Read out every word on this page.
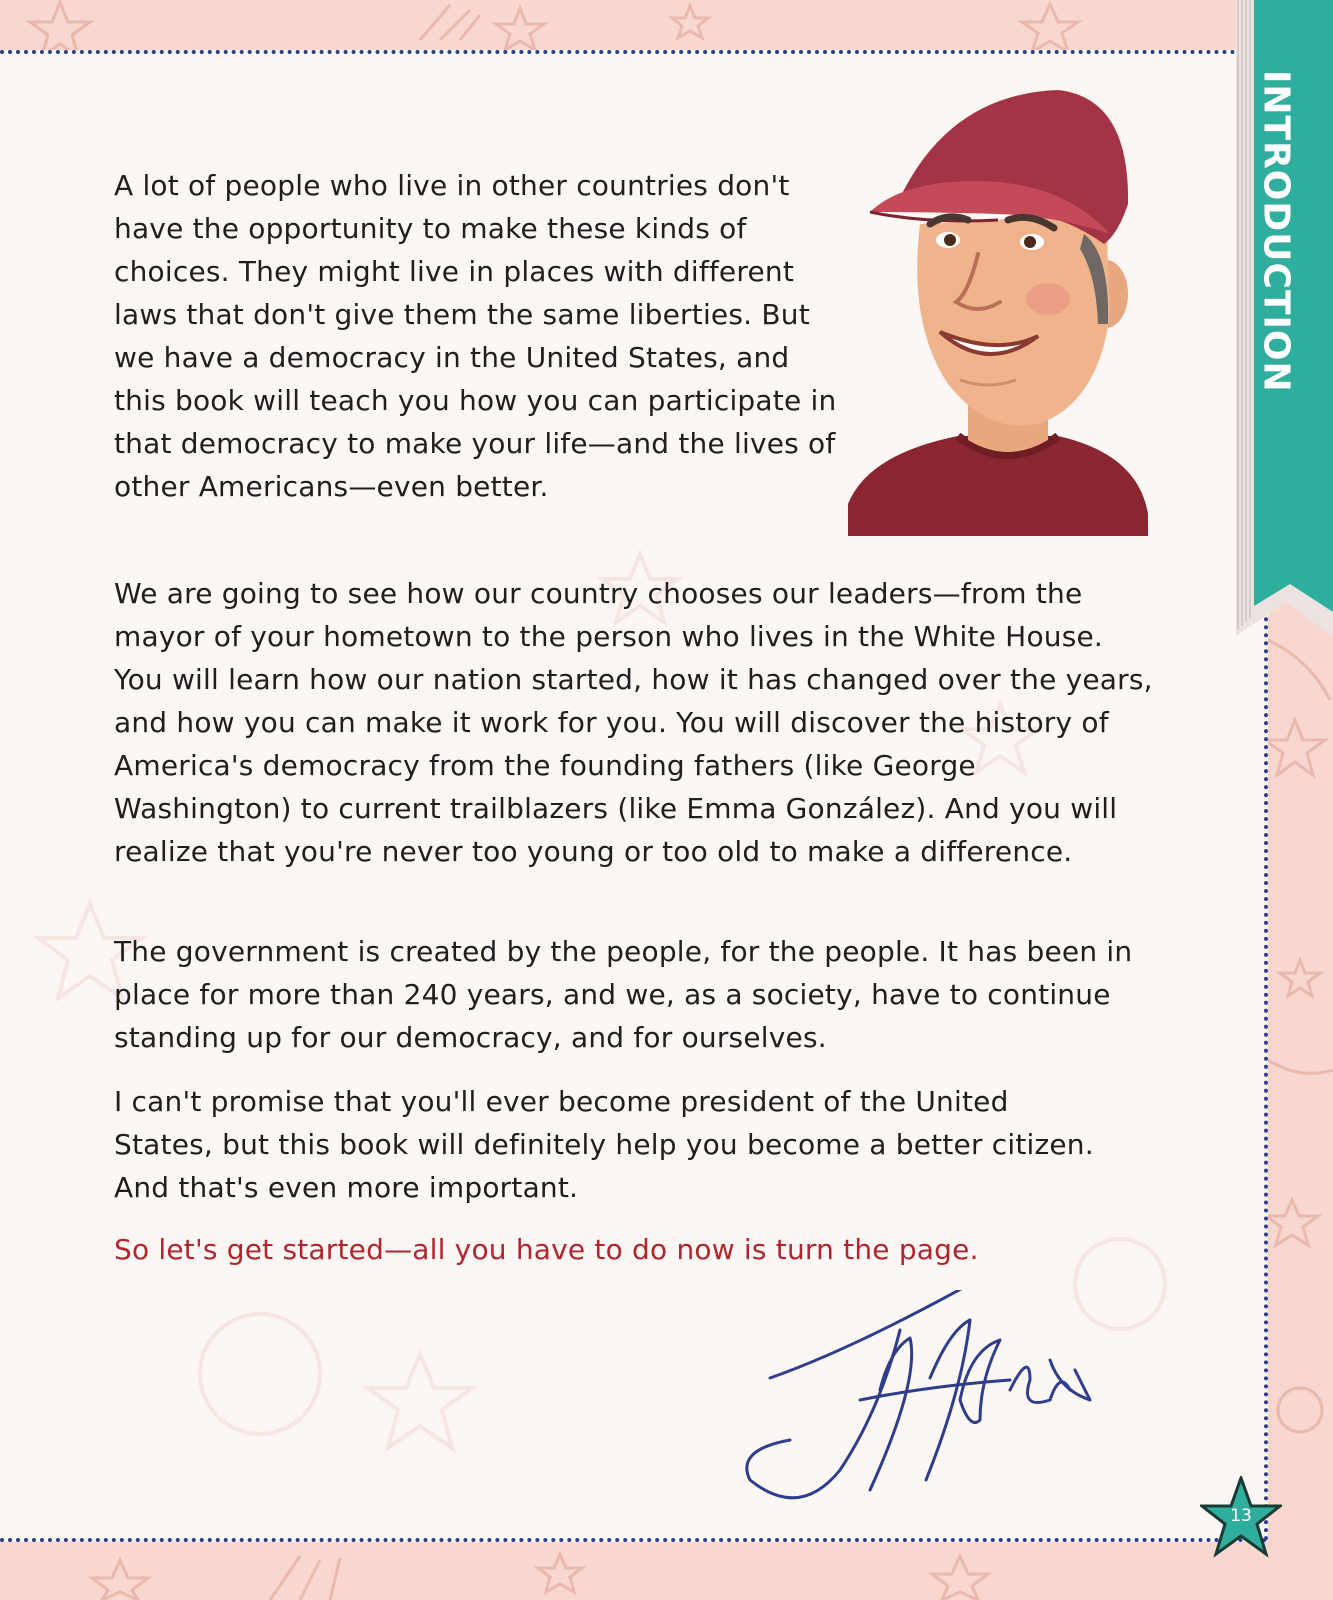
INTRODUCTION

A lot of people who live in other countries don't have the opportunity to make these kinds of choices. They might live in places with different laws that don't give them the same liberties. But we have a democracy in the United States, and this book will teach you how you can participate in that democracy to make your life—and the lives of other Americans—even better.

We are going to see how our country chooses our leaders—from the mayor of your hometown to the person who lives in the White House. You will learn how our nation started, how it has changed over the years, and how you can make it work for you. You will discover the history of America's democracy from the founding fathers (like George Washington) to current trailblazers (like Emma González). And you will realize that you're never too young or too old to make a difference.

The government is created by the people, for the people. It has been in place for more than 240 years, and we, as a society, have to continue standing up for our democracy, and for ourselves.

I can't promise that you'll ever become president of the United States, but this book will definitely help you become a better citizen. And that's even more important.

So let's get started—all you have to do now is turn the page.

13
